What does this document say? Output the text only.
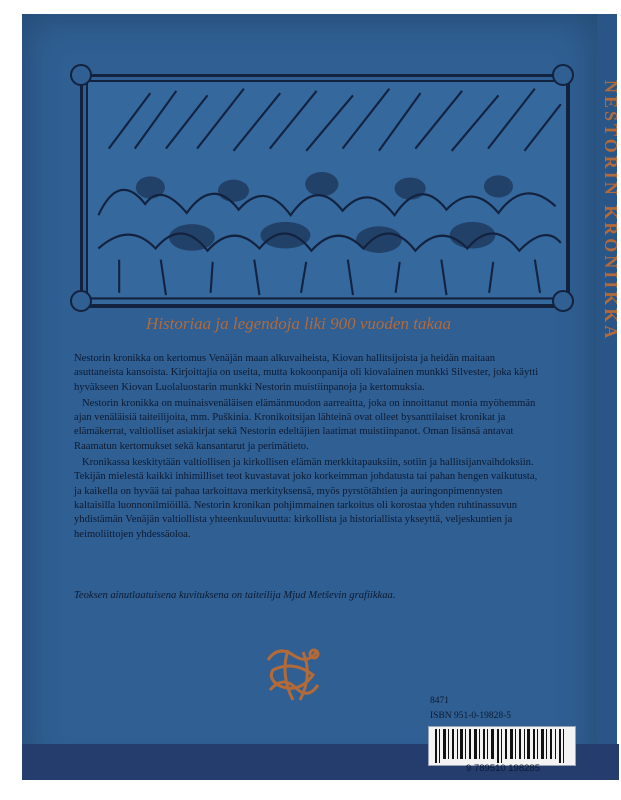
NESTORIN KRONIIKKA
Historiaa ja legendoja liki 900 vuoden takaa

Nestorin kronikka on kertomus Venäjän maan alkuvaiheista, Kiovan hallitsijoista ja heidän maitaan asuttaneista kansoista. Kirjoittajia on useita, mutta kokoonpanija oli kiovalainen munkki Silvester, joka käytti hyväkseen Kiovan Luolaluostarin munkki Nestorin muistiinpanoja ja kertomuksia.

Nestorin kronikka on muinaisvenäläisen elämänmuodon aarreaitta, joka on innoittanut monia myöhemmän ajan venäläisiä taiteilijoita, mm. Puškinia. Kronikoitsijan lähteinä ovat olleet bysanttilaiset kronikat ja elämäkerrat, valtiolliset asiakirjat sekä Nestorin edeltäjien laatimat muistiinpanot. Oman lisänsä antavat Raamatun kertomukset sekä kansantarut ja perimätieto.

Kronikassa keskitytään valtiollisen ja kirkollisen elämän merkkitapauksiin, sotiin ja hallitsijanvaihdoksiin. Tekijän mielestä kaikki inhimilliset teot kuvastavat joko korkeimman johdatusta tai pahan hengen vaikutusta, ja kaikella on hyvää tai pahaa tarkoittava merkityksensä, myös pyrstötähtien ja auringonpimennysten kaltaisilla luonnonilmiöillä. Nestorin kronikan pohjimmainen tarkoitus oli korostaa yhden ruhtinassuvun yhdistämän Venäjän valtiollista yhteenkuuluvuutta: kirkollista ja historiallista ykseyttä, veljeskuntien ja heimoliittojen yhdessäoloa.

Teoksen ainutlaatuisena kuvituksena on taiteilija Mjud Metševin grafiikkaa.
8471
ISBN 951-0-19828-5
9 789510 198285
